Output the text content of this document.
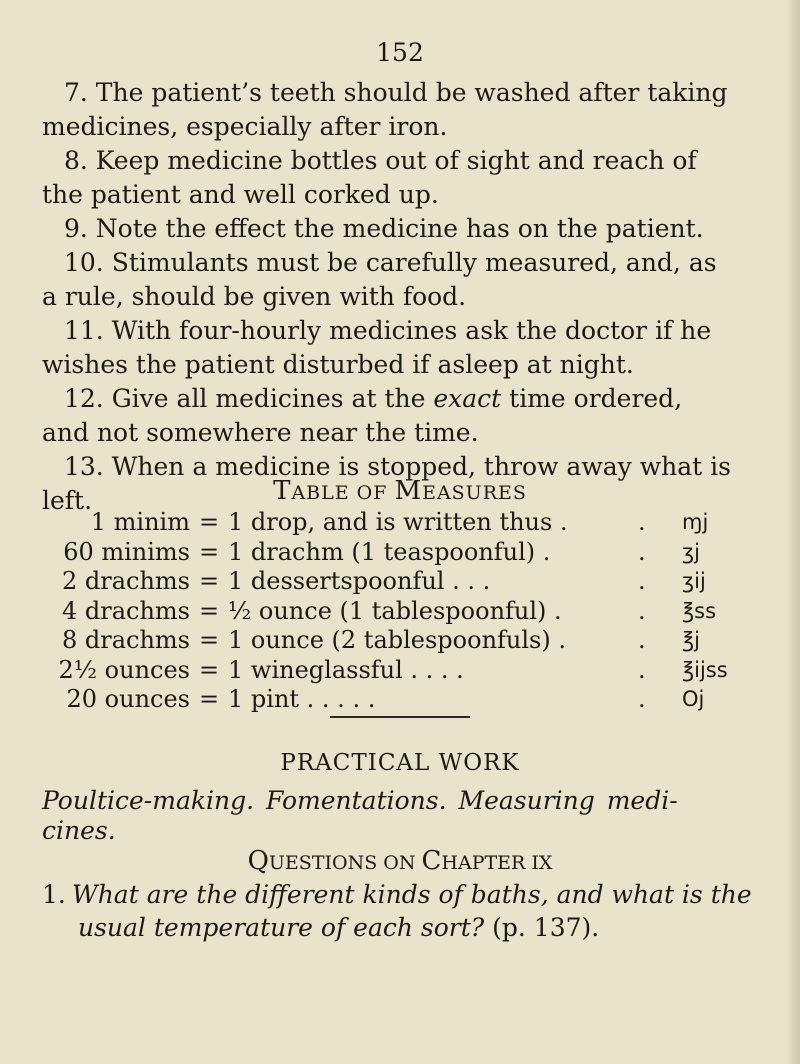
152
7. The patient’s teeth should be washed after taking
medicines, especially after iron.
8. Keep medicine bottles out of sight and reach of
the patient and well corked up.
9. Note the effect the medicine has on the patient.
10. Stimulants must be carefully measured, and, as
a rule, should be given with food.
11. With four-hourly medicines ask the doctor if he
wishes the patient disturbed if asleep at night.
12. Give all medicines at the exact time ordered,
and not somewhere near the time.
13. When a medicine is stopped, throw away what is
left.	TABLE OF MEASURES
1 minim	=	1 drop, and is written thus .	.	ɱj
60 minims	=	1 drachm (1 teaspoonful) .	.	ʒj
2 drachms	=	1 dessertspoonful . . .	.	ʒij
4 drachms	=	½ ounce (1 tablespoonful) .	.	℥ss
8 drachms	=	1 ounce (2 tablespoonfuls) .	.	℥j
2½ ounces	=	1 wineglassful . . . .	.	℥ijss
20 ounces	=	1 pint . . . . .	.	Oj
PRACTICAL WORK
Poultice-making. Fomentations. Measuring medi-
cines.
QUESTIONS ON CHAPTER IX
1. What are the different kinds of baths, and what is the
usual temperature of each sort? (p. 137).
